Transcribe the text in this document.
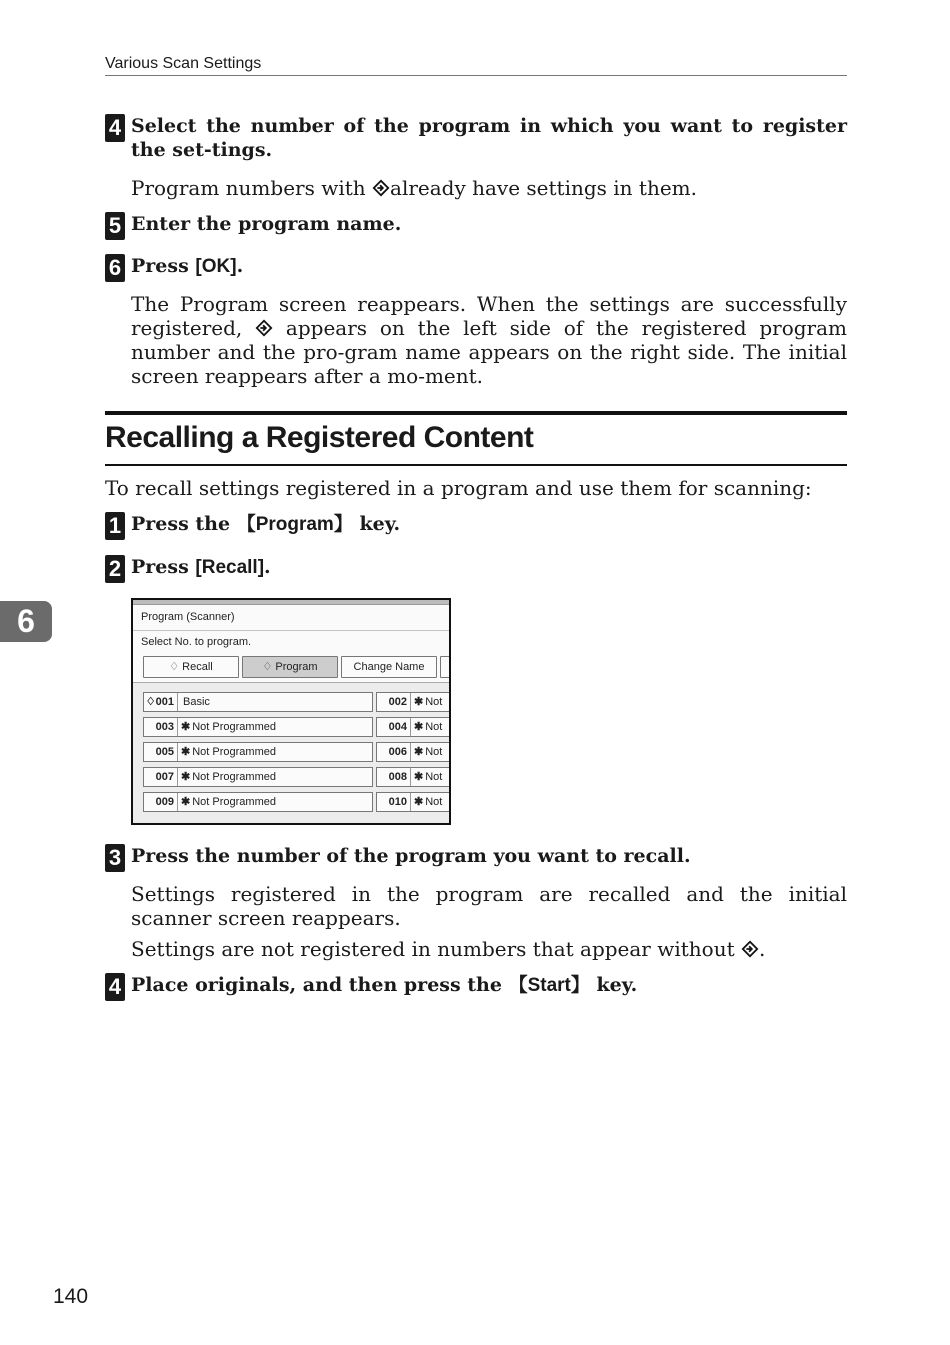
Various Scan Settings
4 Select the number of the program in which you want to register the set-tings.
Program numbers with already have settings in them.
5 Enter the program name.
6 Press [OK].
The Program screen reappears. When the settings are successfully registered,  appears on the left side of the registered program number and the pro-gram name appears on the right side. The initial screen reappears after a mo-ment.
Recalling a Registered Content
To recall settings registered in a program and use them for scanning:
1 Press the 【Program】 key.
2 Press [Recall].
6	Program (Scanner)
Select No. to program.
♢ Recall	♢ Program	Change Name
♢001 Basic	002 ✱ Not
003 ✱ Not Programmed	004 ✱ Not
005 ✱ Not Programmed	006 ✱ Not
007 ✱ Not Programmed	008 ✱ Not
009 ✱ Not Programmed	010 ✱ Not
3 Press the number of the program you want to recall.
Settings registered in the program are recalled and the initial scanner screen reappears.
Settings are not registered in numbers that appear without .
4 Place originals, and then press the 【Start】 key.
140
